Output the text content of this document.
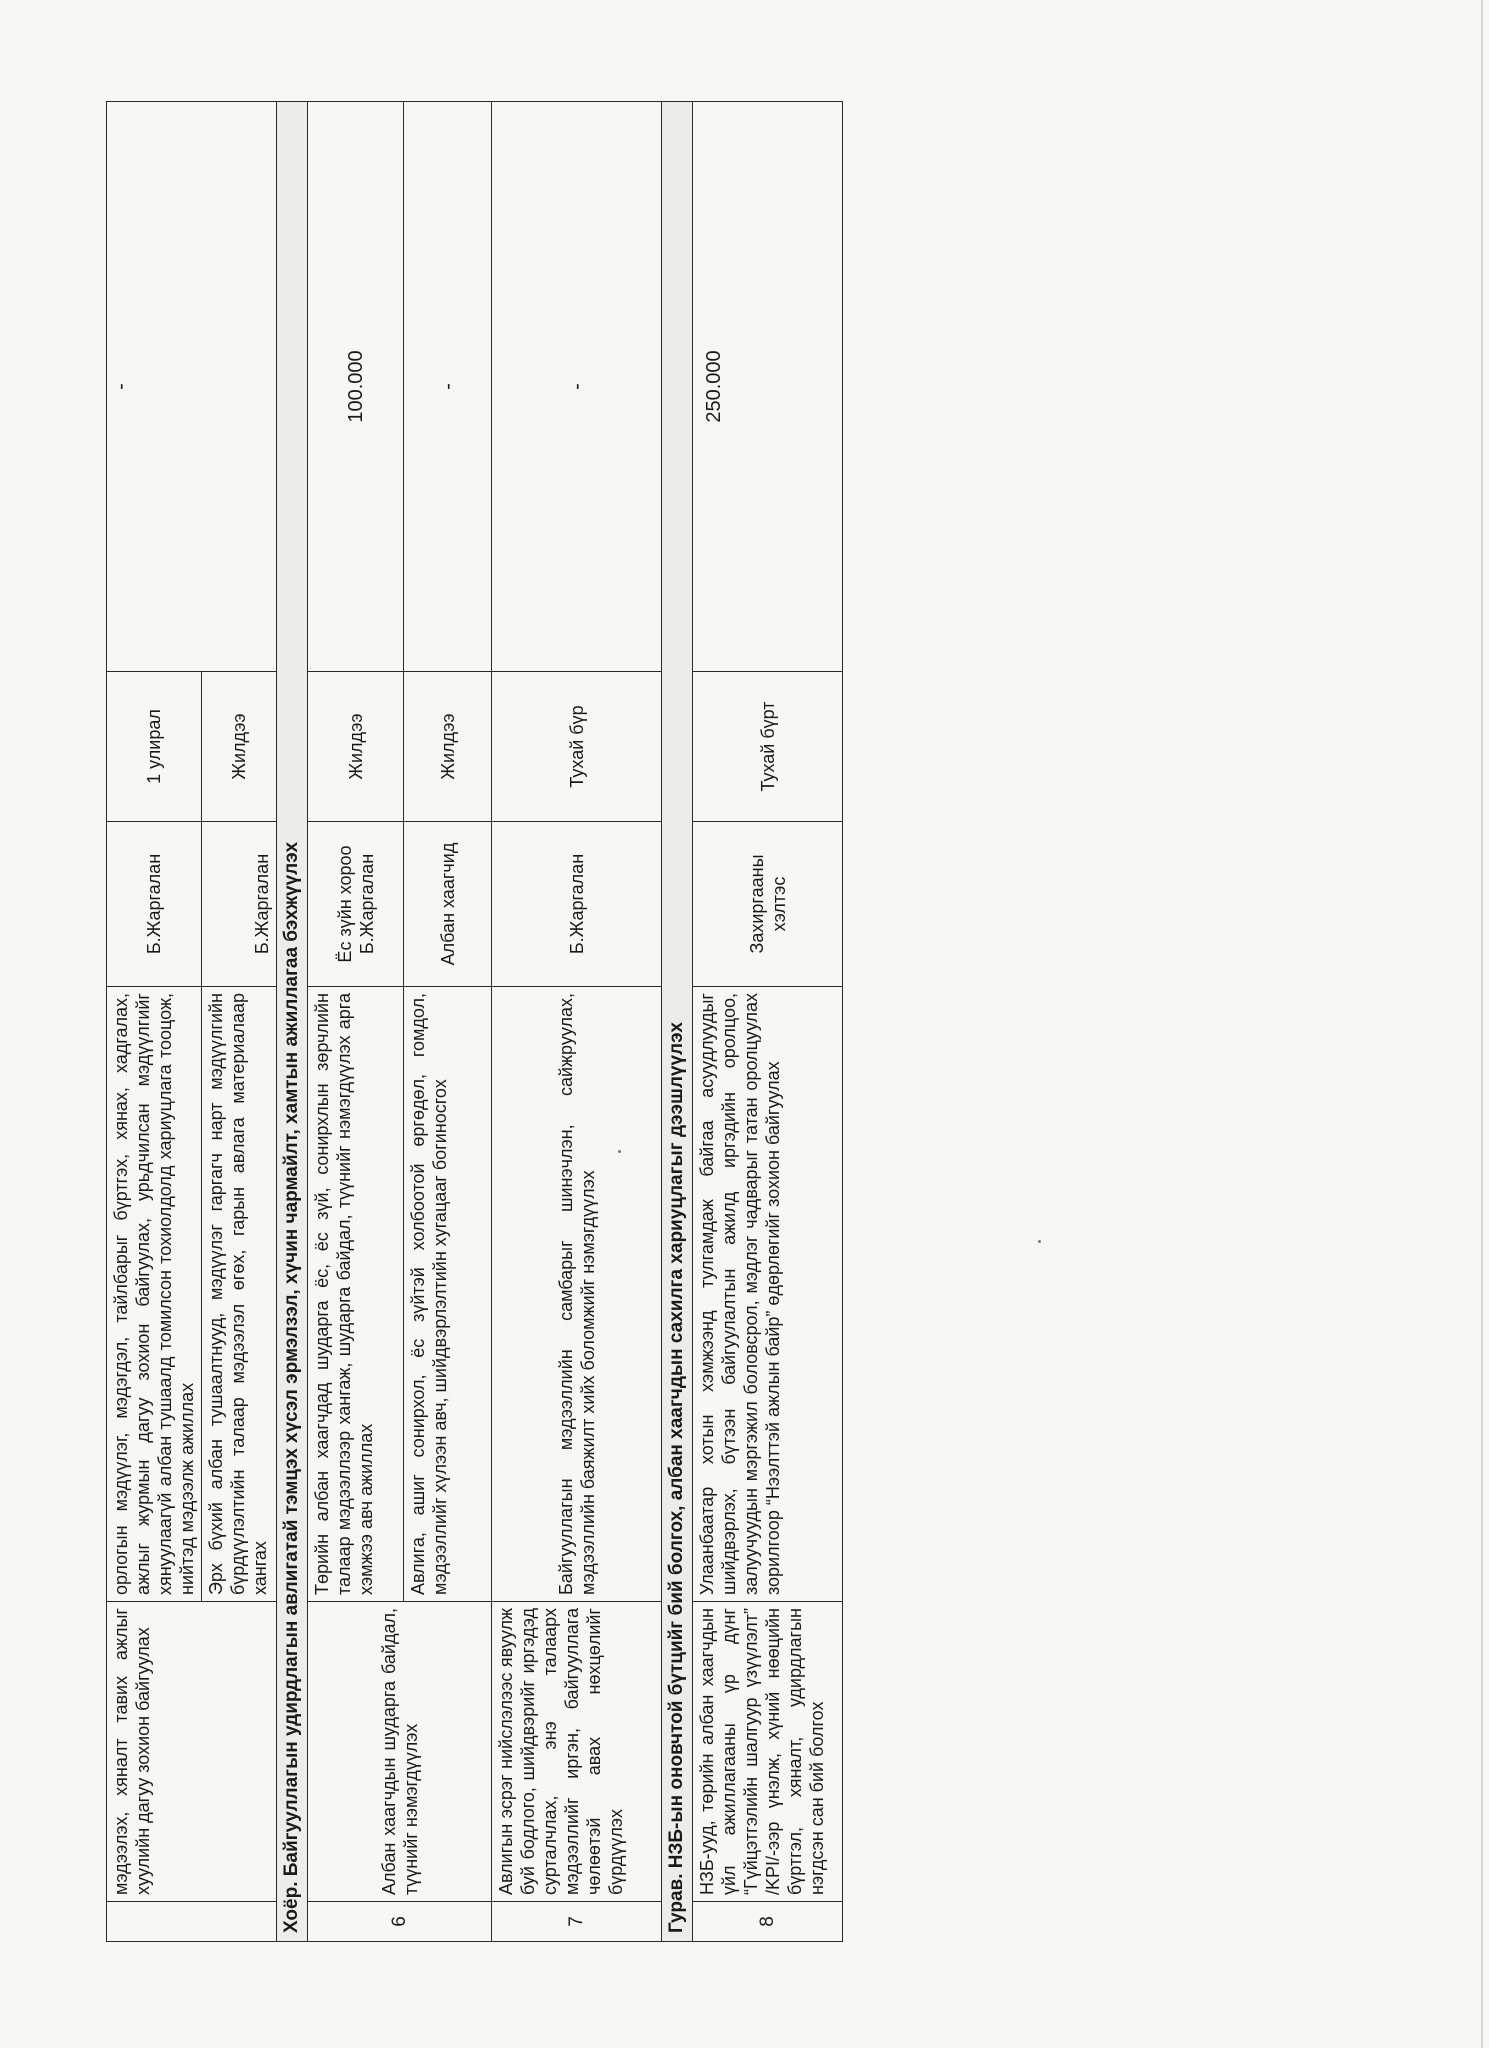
	мэдээлэх, хяналт тавих ажлыг хуулийн дагуу зохион байгуулах	орлогын мэдүүлэг, мэдэгдэл, тайлбарыг бүртгэх, хянах, хадгалах, ажлыг журмын дагуу зохион байгуулах, урьдчилсан мэдүүлгийг хянуулаагүй албан тушаалд томилсон тохиолдолд хариуцлага тооцож, нийтэд мэдээлж ажиллах	Б.Жаргалан	1 улирал	-
		Эрх бүхий албан тушаалтнууд, мэдүүлэг гаргагч нарт мэдүүлгийн бүрдүүлэлтийн талаар мэдээлэл өгөх, гарын авлага материалаар хангах	Б.Жаргалан	Жилдээ	
Хоёр. Байгууллагын удирдлагын авлигатай тэмцэх хүсэл эрмэлзэл, хүчин чармайлт, хамтын ажиллагаа бэхжүүлэх					
6	Албан хаагчдын шударга байдал, түүнийг нэмэгдүүлэх	Төрийн албан хаагчдад шударга ёс, ёс зүй, сонирхлын зөрчлийн талаар мэдээллээр хангаж, шударга байдал, түүнийг нэмэгдүүлэх арга хэмжээ авч ажиллах	Ёс зүйн хороо Б.Жаргалан	Жилдээ	100.000
		Авлига, ашиг сонирхол, ёс зүйтэй холбоотой өргөдөл, гомдол, мэдээллийг хүлээн авч, шийдвэрлэлтийн хугацааг богиносгох	Албан хаагчид	Жилдээ	-
7	Авлигын эсрэг нийслэлээс явуулж буй бодлого, шийдвэрийг иргэдэд сурталчлах, энэ талаарх мэдээллийг иргэн, байгууллага чөлөөтэй авах нөхцөлийг бүрдүүлэх	Байгууллагын мэдээллийн самбарыг шинэчлэн, сайжруулах, мэдээллийн баяжилт хийх боломжийг нэмэгдүүлэх	Б.Жаргалан	Тухай бүр	-
Гурав. НЗБ-ын оновчтой бүтцийг бий болгох, албан хаагчдын сахилга хариуцлагыг дээшлүүлэх					
8	НЗБ-ууд, төрийн албан хаагчдын үйл ажиллагааны үр дүнг “Гүйцэтгэлийн шалгуур үзүүлэлт” /KPI/-ээр үнэлж, хүний нөөцийн бүртгэл, хяналт, удирдлагын нэгдсэн сан бий болгох	Улаанбаатар хотын хэмжээнд тулгамдаж байгаа асуудлуудыг шийдвэрлэх, бүтээн байгуулалтын ажилд иргэдийн оролцоо, залуучуудын мэргэжил боловсрол, мэдлэг чадварыг татан оролцуулах зорилгоор “Нээлттэй ажлын байр” өдөрлөгийг зохион байгуулах	Захиргааны хэлтэс	Тухай бүрт	250.000
